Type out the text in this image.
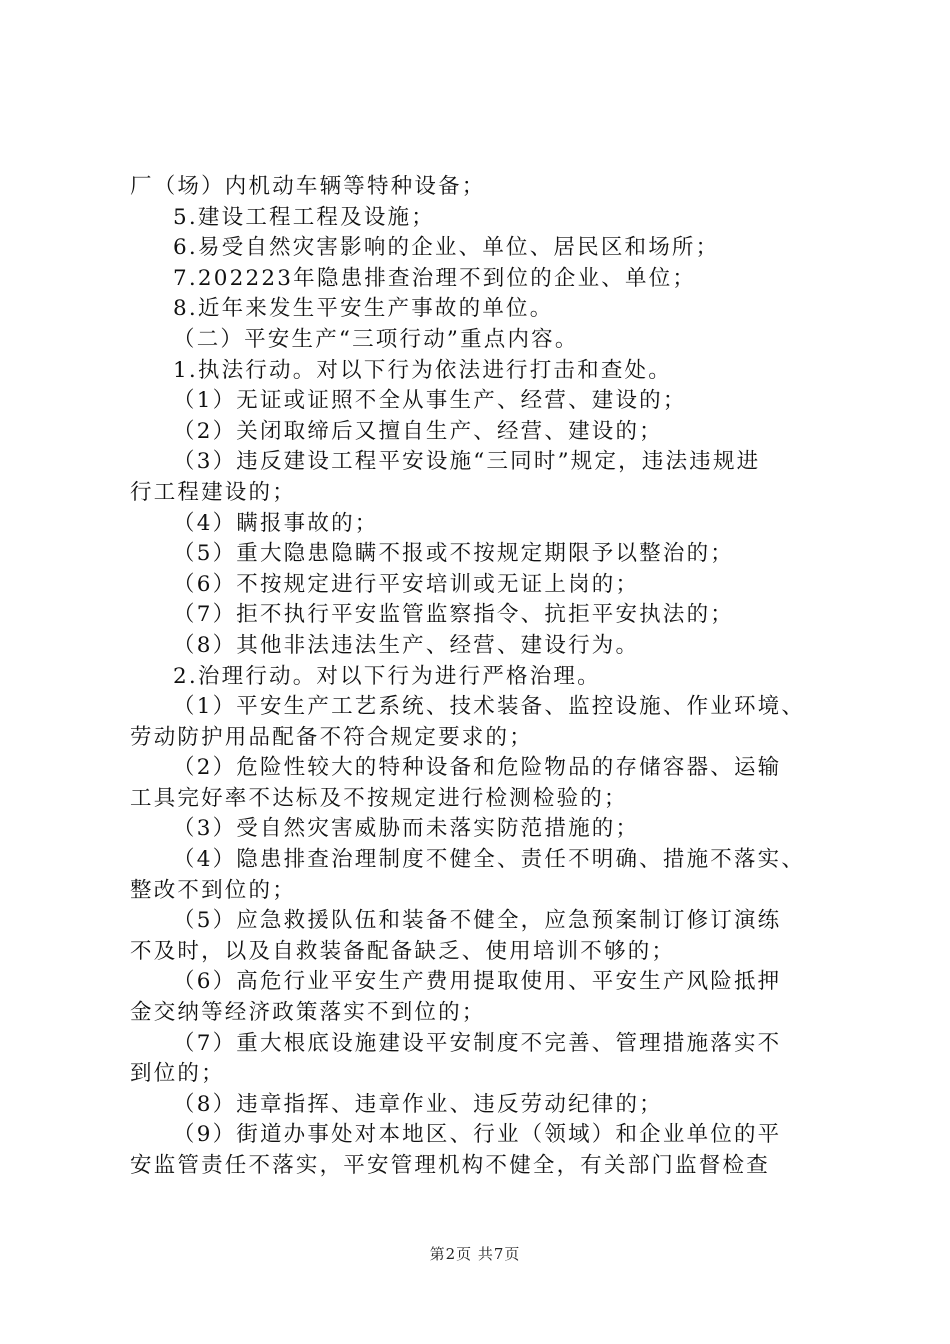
厂（场）内机动车辆等特种设备；
5.建设工程工程及设施；
6.易受自然灾害影响的企业、单位、居民区和场所；
7.202223年隐患排查治理不到位的企业、单位；
8.近年来发生平安生产事故的单位。
（二）平安生产“三项行动”重点内容。
1.执法行动。对以下行为依法进行打击和查处。
（1）无证或证照不全从事生产、经营、建设的；
（2）关闭取缔后又擅自生产、经营、建设的；
（3）违反建设工程平安设施“三同时”规定，违法违规进
行工程建设的；
（4）瞒报事故的；
（5）重大隐患隐瞒不报或不按规定期限予以整治的；
（6）不按规定进行平安培训或无证上岗的；
（7）拒不执行平安监管监察指令、抗拒平安执法的；
（8）其他非法违法生产、经营、建设行为。
2.治理行动。对以下行为进行严格治理。
（1）平安生产工艺系统、技术装备、监控设施、作业环境、
劳动防护用品配备不符合规定要求的；
（2）危险性较大的特种设备和危险物品的存储容器、运输
工具完好率不达标及不按规定进行检测检验的；
（3）受自然灾害威胁而未落实防范措施的；
（4）隐患排查治理制度不健全、责任不明确、措施不落实、
整改不到位的；
（5）应急救援队伍和装备不健全，应急预案制订修订演练
不及时，以及自救装备配备缺乏、使用培训不够的；
（6）高危行业平安生产费用提取使用、平安生产风险抵押
金交纳等经济政策落实不到位的；
（7）重大根底设施建设平安制度不完善、管理措施落实不
到位的；
（8）违章指挥、违章作业、违反劳动纪律的；
（9）街道办事处对本地区、行业（领域）和企业单位的平
安监管责任不落实，平安管理机构不健全，有关部门监督检查
第2页 共7页
